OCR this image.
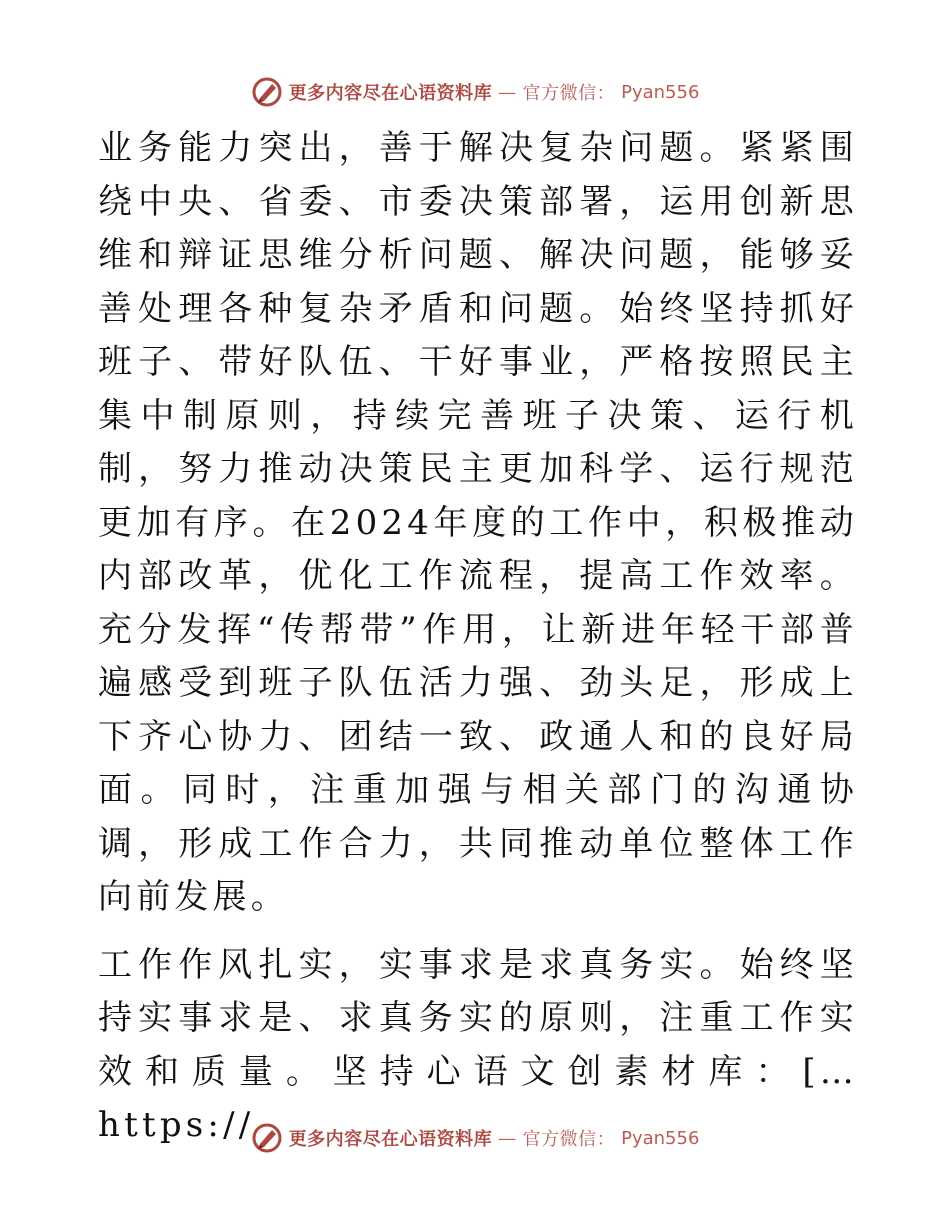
更多内容尽在心语资料库 — 官方微信： Pyan556

业务能力突出，善于解决复杂问题。紧紧围绕中央、省委、市委决策部署，运用创新思维和辩证思维分析问题、解决问题，能够妥善处理各种复杂矛盾和问题。始终坚持抓好班子、带好队伍、干好事业，严格按照民主集中制原则，持续完善班子决策、运行机制，努力推动决策民主更加科学、运行规范更加有序。在2024年度的工作中，积极推动内部改革，优化工作流程，提高工作效率。充分发挥“传帮带”作用，让新进年轻干部普遍感受到班子队伍活力强、劲头足，形成上下齐心协力、团结一致、政通人和的良好局面。同时，注重加强与相关部门的沟通协调，形成工作合力，共同推动单位整体工作向前发展。

工作作风扎实，实事求是求真务实。始终坚持实事求是、求真务实的原则，注重工作实效和质量。坚持心语文创素材库：[…https://	更多内容尽在心语资料库 — 官方微信： Pyan556
